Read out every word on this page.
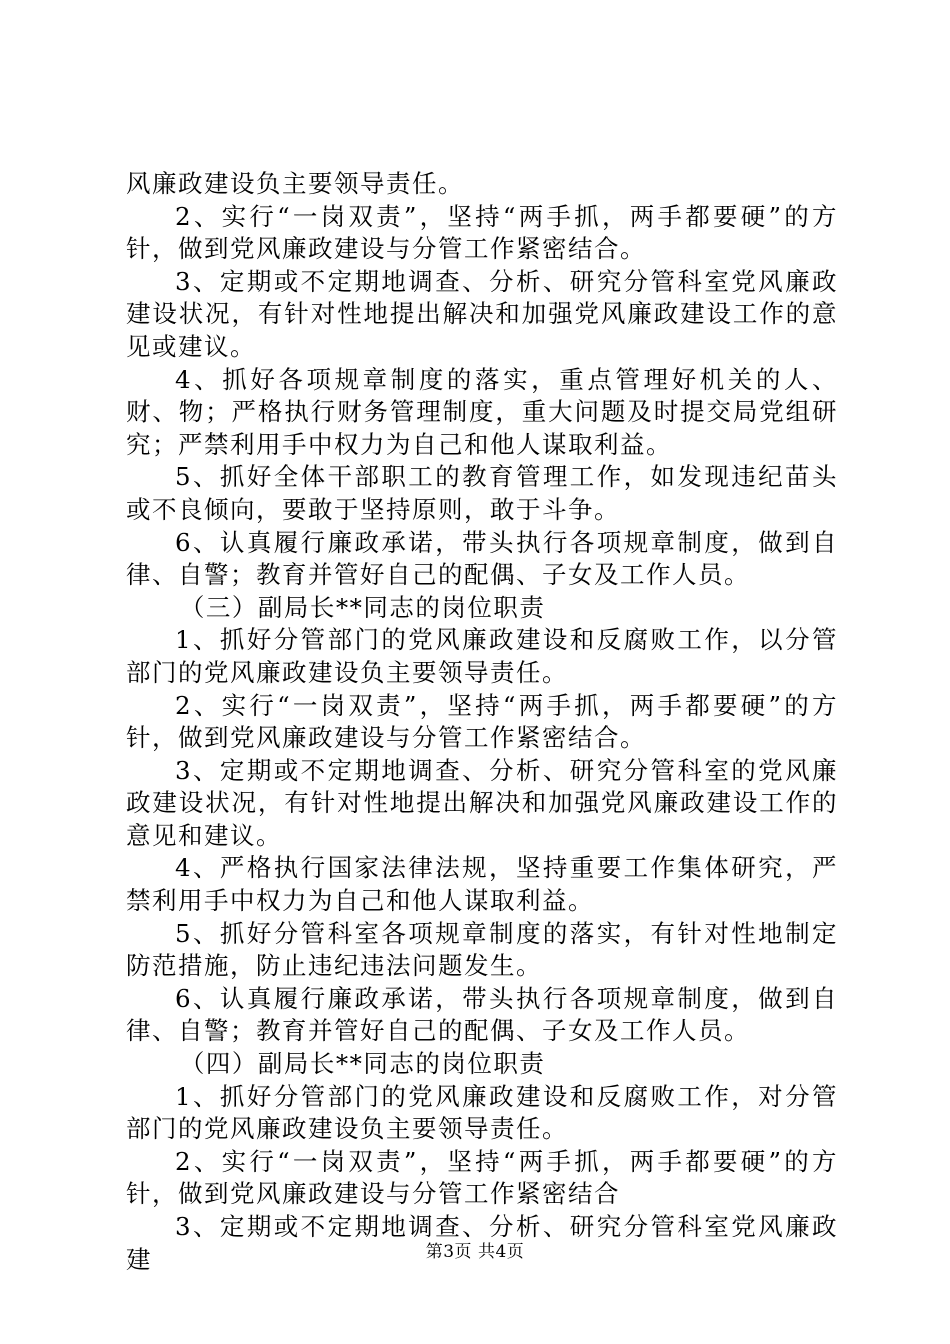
风廉政建设负主要领导责任。

2、实行“一岗双责”，坚持“两手抓，两手都要硬”的方针，做到党风廉政建设与分管工作紧密结合。

3、定期或不定期地调查、分析、研究分管科室党风廉政建设状况，有针对性地提出解决和加强党风廉政建设工作的意见或建议。

4、抓好各项规章制度的落实，重点管理好机关的人、财、物；严格执行财务管理制度，重大问题及时提交局党组研究；严禁利用手中权力为自己和他人谋取利益。

5、抓好全体干部职工的教育管理工作，如发现违纪苗头或不良倾向，要敢于坚持原则，敢于斗争。

6、认真履行廉政承诺，带头执行各项规章制度，做到自律、自警；教育并管好自己的配偶、子女及工作人员。

（三）副局长**同志的岗位职责

1、抓好分管部门的党风廉政建设和反腐败工作，以分管部门的党风廉政建设负主要领导责任。

2、实行“一岗双责”，坚持“两手抓，两手都要硬”的方针，做到党风廉政建设与分管工作紧密结合。

3、定期或不定期地调查、分析、研究分管科室的党风廉政建设状况，有针对性地提出解决和加强党风廉政建设工作的意见和建议。

4、严格执行国家法律法规，坚持重要工作集体研究，严禁利用手中权力为自己和他人谋取利益。

5、抓好分管科室各项规章制度的落实，有针对性地制定防范措施，防止违纪违法问题发生。

6、认真履行廉政承诺，带头执行各项规章制度，做到自律、自警；教育并管好自己的配偶、子女及工作人员。

（四）副局长**同志的岗位职责

1、抓好分管部门的党风廉政建设和反腐败工作，对分管部门的党风廉政建设负主要领导责任。

2、实行“一岗双责”，坚持“两手抓，两手都要硬”的方针，做到党风廉政建设与分管工作紧密结合

3、定期或不定期地调查、分析、研究分管科室党风廉政建	第3页 共4页
